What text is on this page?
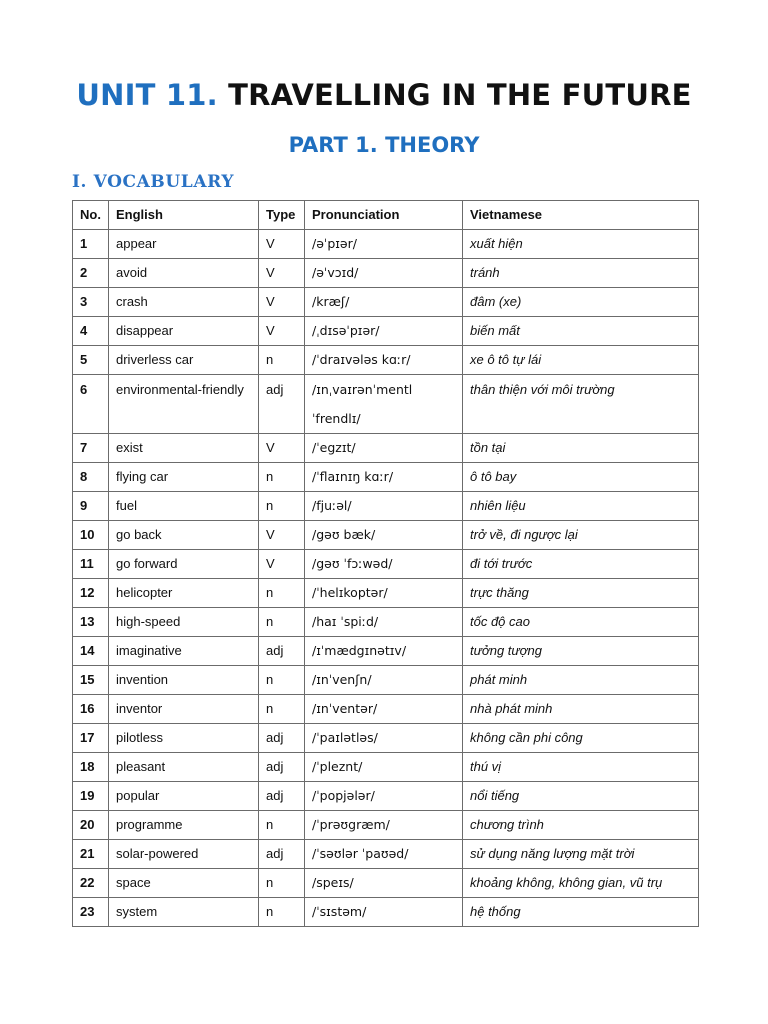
UNIT 11. TRAVELLING IN THE FUTURE
PART 1. THEORY
I. VOCABULARY
No.	English	Type	Pronunciation	Vietnamese
1	appear	V	/əˈpɪər/	xuất hiện
2	avoid	V	/əˈvɔɪd/	tránh
3	crash	V	/kræʃ/	đâm (xe)
4	disappear	V	/ˌdɪsəˈpɪər/	biến mất
5	driverless car	n	/ˈdraɪvələs kɑːr/	xe ô tô tự lái
6	environmental-friendly	adj	/ɪnˌvaɪrənˈmentl ˈfrendlɪ/	thân thiện với môi trường
7	exist	V	/ˈegzɪt/	tồn tại
8	flying car	n	/ˈflaɪnɪŋ kɑːr/	ô tô bay
9	fuel	n	/fjuːəl/	nhiên liệu
10	go back	V	/gəʊ bæk/	trở về, đi ngược lại
11	go forward	V	/gəʊ ˈfɔːwəd/	đi tới trước
12	helicopter	n	/ˈhelɪkoptər/	trực thăng
13	high-speed	n	/haɪ ˈspiːd/	tốc độ cao
14	imaginative	adj	/ɪˈmædgɪnətɪv/	tưởng tượng
15	invention	n	/ɪnˈvenʃn/	phát minh
16	inventor	n	/ɪnˈventər/	nhà phát minh
17	pilotless	adj	/ˈpaɪlətləs/	không cần phi công
18	pleasant	adj	/ˈpleznt/	thú vị
19	popular	adj	/ˈpopjələr/	nổi tiếng
20	programme	n	/ˈprəʊgræm/	chương trình
21	solar-powered	adj	/ˈsəʊlər ˈpaʊəd/	sử dụng năng lượng mặt trời
22	space	n	/speɪs/	khoảng không, không gian, vũ trụ
23	system	n	/ˈsɪstəm/	hệ thống
